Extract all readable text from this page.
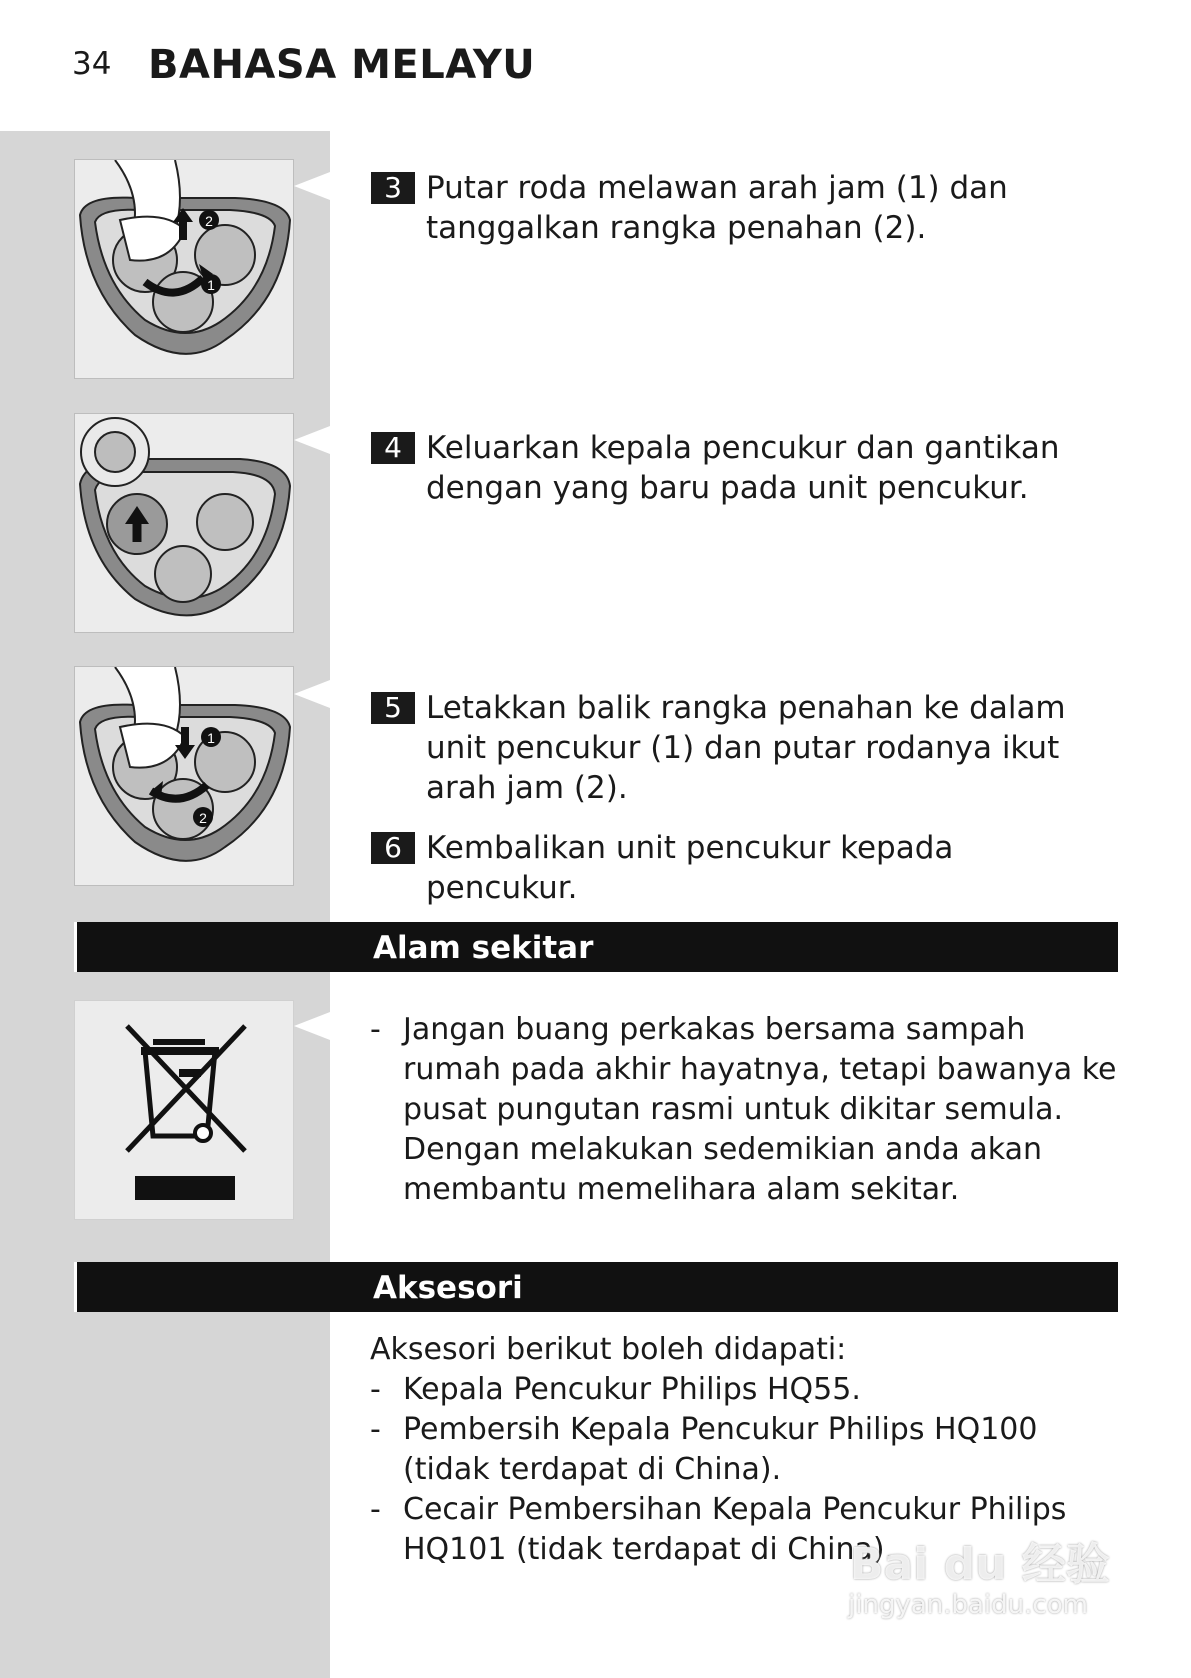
34 BAHASA MELAYU
1
2
1
2
3 Putar roda melawan arah jam (1) dan tanggalkan rangka penahan (2).
4 Keluarkan kepala pencukur dan gantikan dengan yang baru pada unit pencukur.
5 Letakkan balik rangka penahan ke dalam unit pencukur (1) dan putar rodanya ikut arah jam (2).
6 Kembalikan unit pencukur kepada pencukur.
Alam sekitar
- Jangan buang perkakas bersama sampah rumah pada akhir hayatnya, tetapi bawanya ke pusat pungutan rasmi untuk dikitar semula. Dengan melakukan sedemikian anda akan membantu memelihara alam sekitar.
Aksesori
Aksesori berikut boleh didapati:
- Kepala Pencukur Philips HQ55.
- Pembersih Kepala Pencukur Philips HQ100 (tidak terdapat di China).
- Cecair Pembersihan Kepala Pencukur Philips HQ101 (tidak terdapat di China).
Bai du 经验
jingyan.baidu.com
